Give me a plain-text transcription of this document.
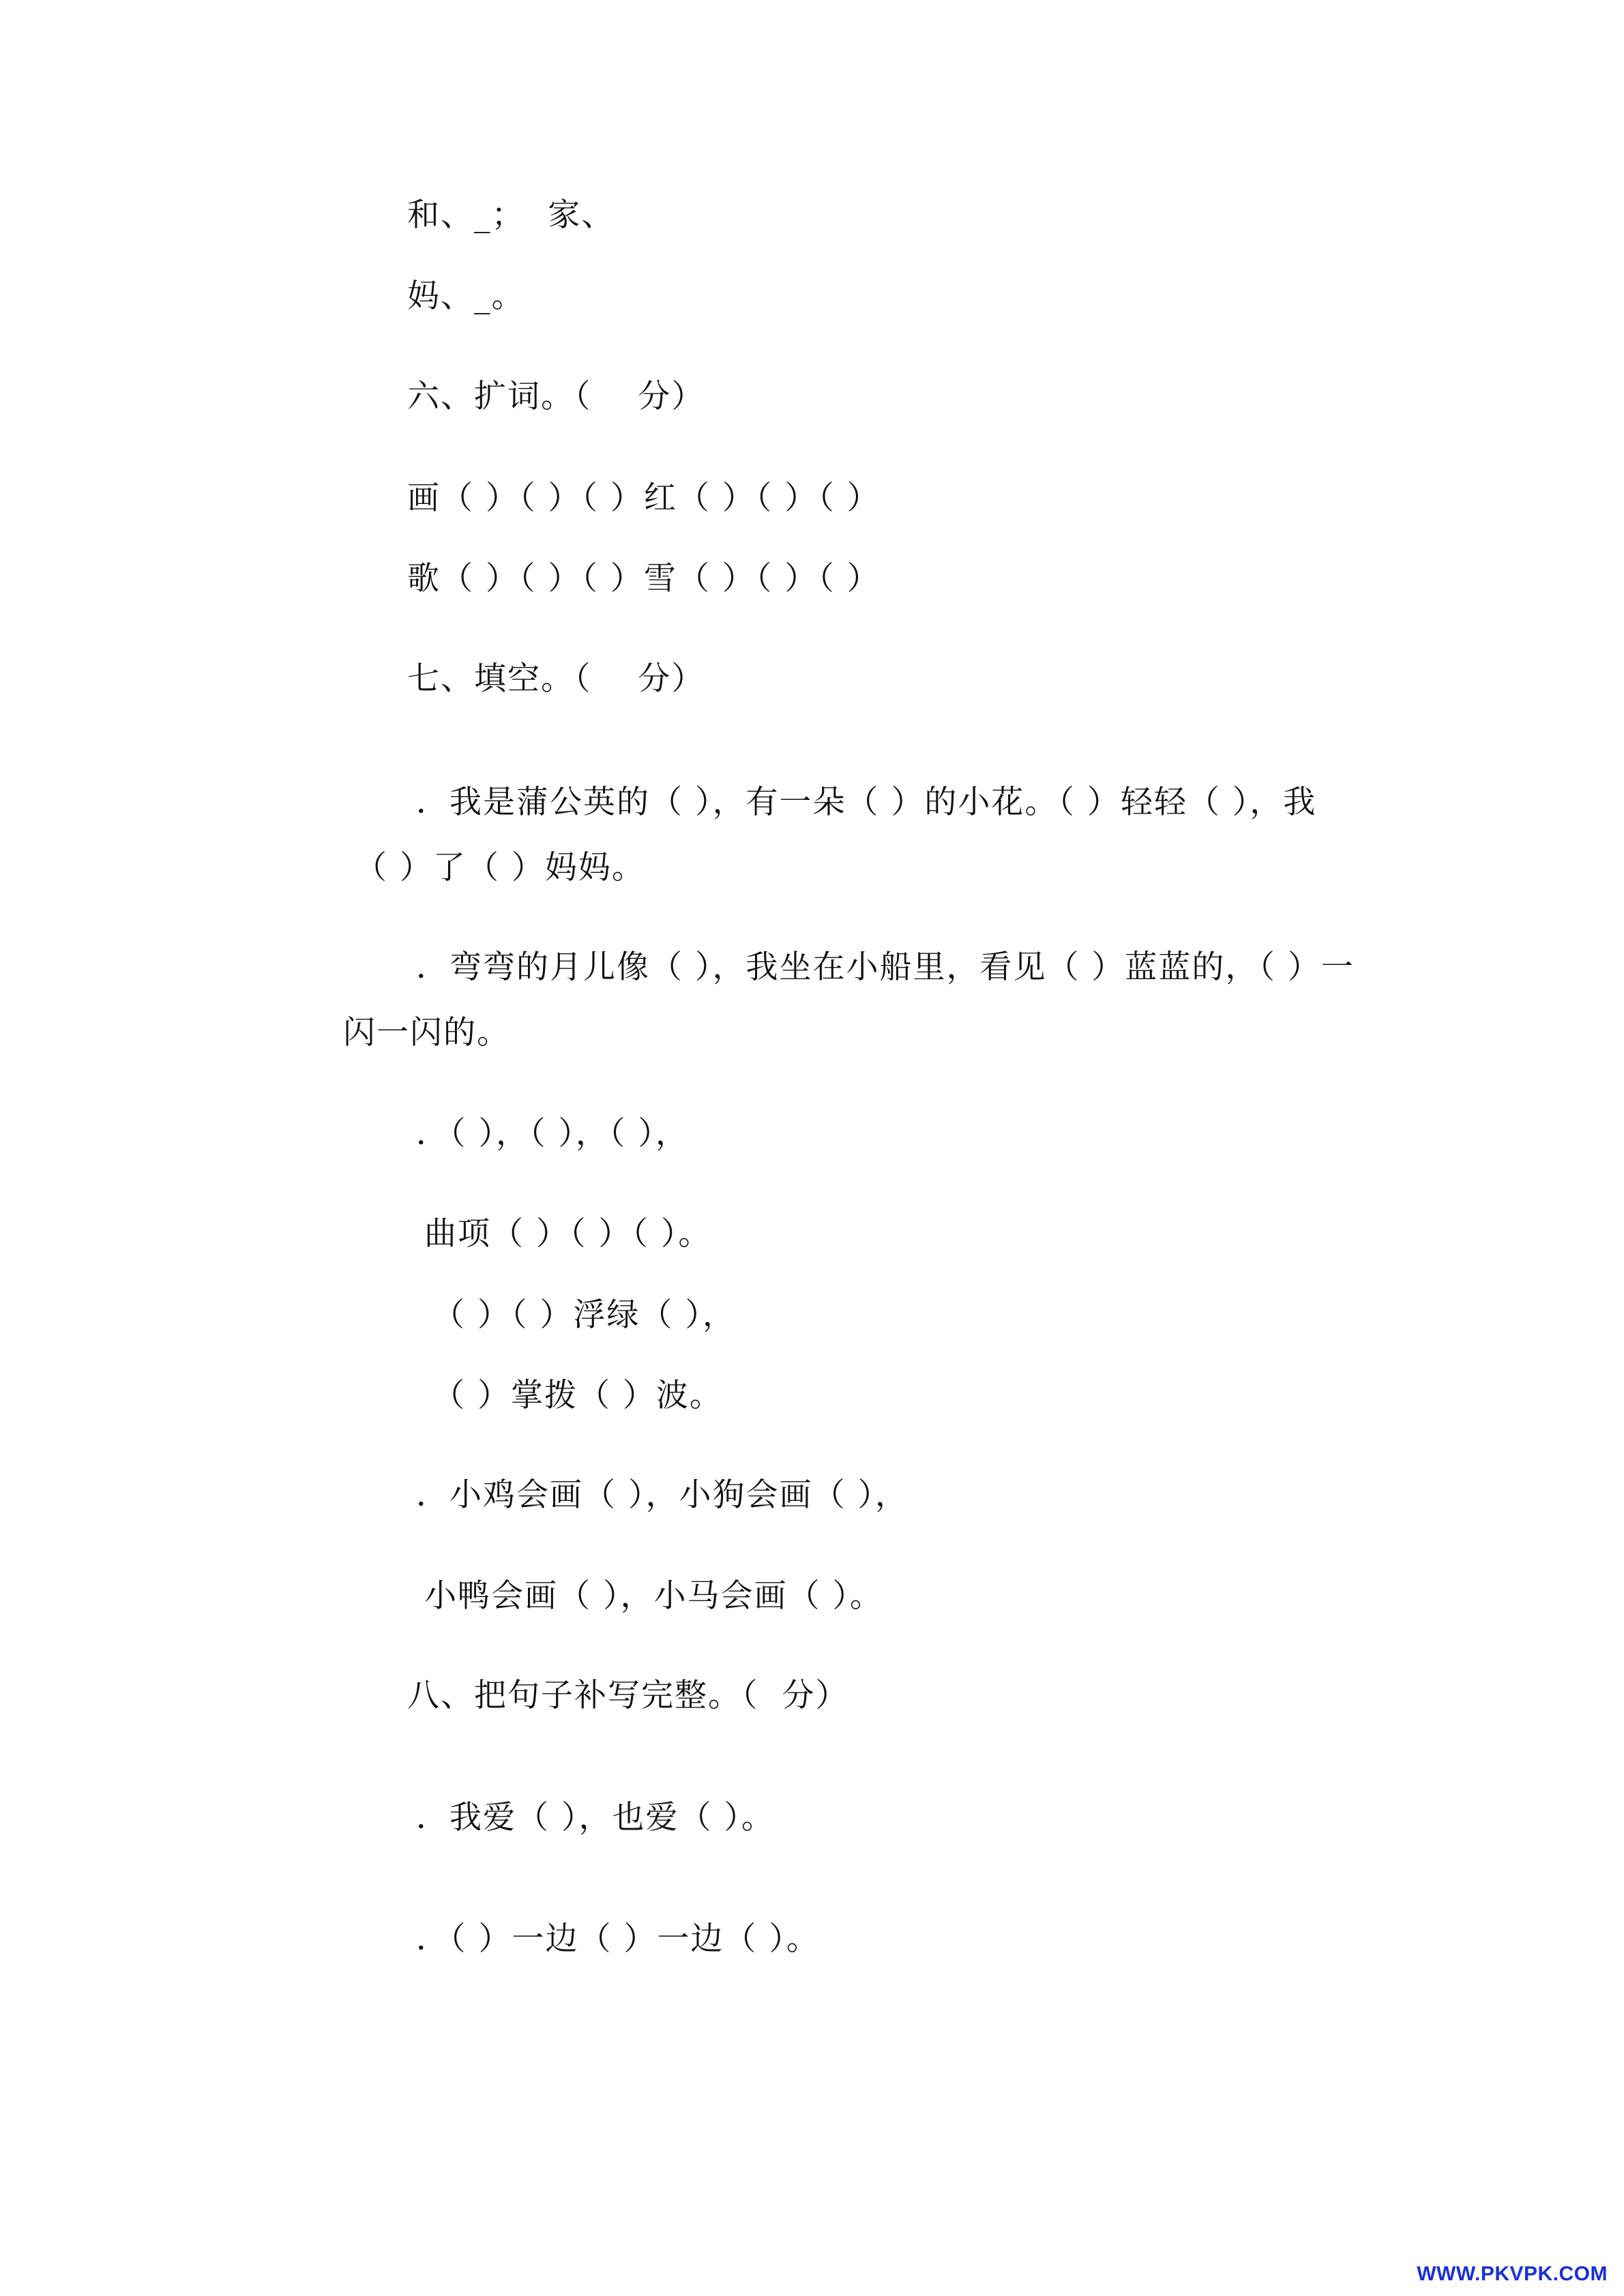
和、_；  家、
妈、_。
六、扩词。（    分）
画（ ）（ ）（ ）红（ ）（ ）（ ）
歌（ ）（ ）（ ）雪（ ）（ ）（ ）
七、填空。（    分）
．我是蒲公英的（ ），有一朵（ ）的小花。（ ）轻轻（ ），我
（ ）了（ ）妈妈。
．弯弯的月儿像（ ），我坐在小船里，看见（ ）蓝蓝的，（ ）一
闪一闪的。
．（ ），（ ），（ ），
曲项（ ）（ ）（ ）。
（ ）（ ）浮绿（ ），
（ ）掌拨（ ）波。
．小鸡会画（ ），小狗会画（ ），
小鸭会画（ ），小马会画（ ）。
八、把句子补写完整。（  分）
．我爱（ ），也爱（ ）。
．（ ）一边（ ）一边（ ）。
WWW.PKVPK.COM
